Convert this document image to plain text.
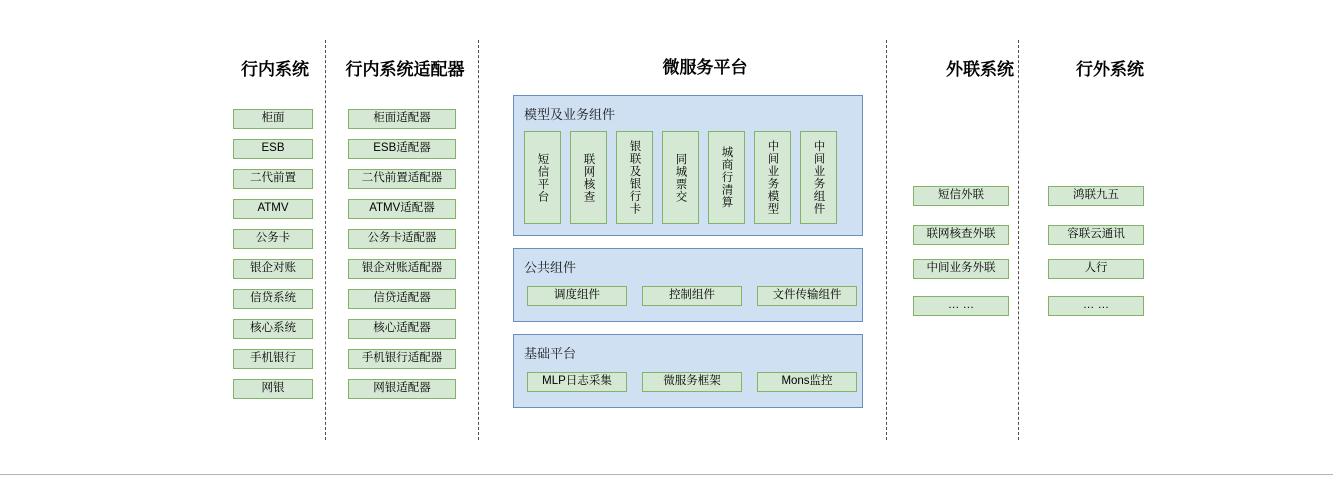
行内系统	行内系统适配器	微服务平台	外联系统	行外系统
柜面
ESB
二代前置
ATMV
公务卡
银企对账
信贷系统
核心系统
手机银行
网银
柜面适配器
ESB适配器
二代前置适配器
ATMV适配器
公务卡适配器
银企对账适配器
信贷适配器
核心适配器
手机银行适配器
网银适配器
模型及业务组件
短信平台	联网核查	银联及银行卡	同城票交	城商行清算	中间业务模型	中间业务组件
公共组件
调度组件	控制组件	文件传输组件
基础平台
MLP日志采集	微服务框架	Mons监控
短信外联
联网核查外联
中间业务外联
… …
鸿联九五
容联云通讯
人行
… …
